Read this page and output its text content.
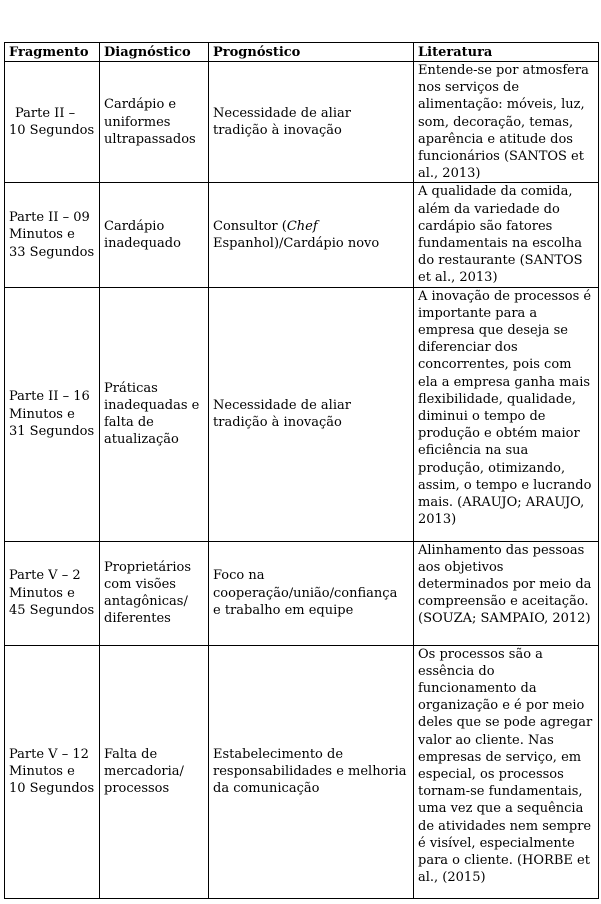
Fragmento	Diagnóstico	Prognóstico	Literatura
Parte II – 10 Segundos	Cardápio e uniformes ultrapassados	Necessidade de aliar tradição à inovação	Entende-se por atmosfera nos serviços de alimentação: móveis, luz, som, decoração, temas, aparência e atitude dos funcionários (SANTOS et al., 2013)
Parte II – 09 Minutos e 33 Segundos	Cardápio inadequado	Consultor (Chef Espanhol)/Cardápio novo	A qualidade da comida, além da variedade do cardápio são fatores fundamentais na escolha do restaurante (SANTOS et al., 2013)
Parte II – 16 Minutos e 31 Segundos	Práticas inadequadas e falta de atualização	Necessidade de aliar tradição à inovação	A inovação de processos é importante para a empresa que deseja se diferenciar dos concorrentes, pois com ela a empresa ganha mais flexibilidade, qualidade, diminui o tempo de produção e obtém maior eficiência na sua produção, otimizando, assim, o tempo e lucrando mais. (ARAUJO; ARAUJO, 2013)
Parte V – 2 Minutos e 45 Segundos	Proprietários com visões antagônicas/ diferentes	Foco na cooperação/união/confiança e trabalho em equipe	Alinhamento das pessoas aos objetivos determinados por meio da compreensão e aceitação. (SOUZA; SAMPAIO, 2012)
Parte V – 12 Minutos e 10 Segundos	Falta de mercadoria/ processos	Estabelecimento de responsabilidades e melhoria da comunicação	Os processos são a essência do funcionamento da organização e é por meio deles que se pode agregar valor ao cliente. Nas empresas de serviço, em especial, os processos tornam-se fundamentais, uma vez que a sequência de atividades nem sempre é visível, especialmente para o cliente. (HORBE et al., (2015)
